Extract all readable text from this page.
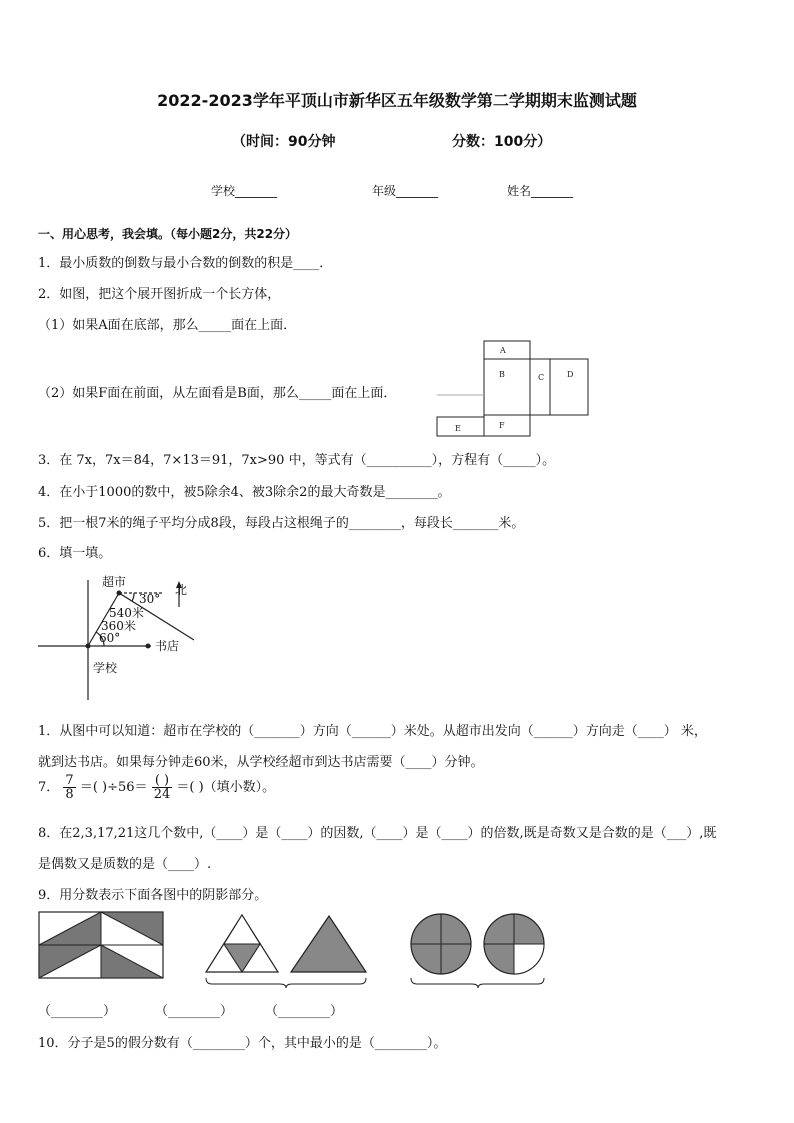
2022-2023学年平顶山市新华区五年级数学第二学期期末监测试题
（时间：90分钟	分数：100分）
学校_______	年级_______	姓名_______
一、用心思考，我会填。（每小题2分，共22分）
1．最小质数的倒数与最小合数的倒数的积是____．
2．如图，把这个展开图折成一个长方体，
（1）如果A面在底部，那么_____面在上面．
（2）如果F面在前面，从左面看是B面，那么_____面在上面．
A
B	C	D
E	F
3．在 7x，7x＝84，7×13＝91，7x>90 中，等式有（__________），方程有（_____）。
4．在小于1000的数中，被5除余4、被3除余2的最大奇数是________。
5．把一根7米的绳子平均分成8段，每段占这根绳子的________，每段长_______米。
6．填一填。
超市
北
30°
540米
360米
60°
书店
学校
1．从图中可以知道：超市在学校的（_______）方向（______）米处。从超市出发向（______）方向走（____） 米，
就到达书店。如果每分钟走60米，从学校经超市到达书店需要（____）分钟。
7． $\frac{7}{8}$ ＝( )$\div 56= \frac{( )}{24}$ ＝( )（填小数）。
8．在2,3,17,21这几个数中,（____）是（____）的因数,（____）是（____）的倍数,既是奇数又是合数的是（___）,既
是偶数又是质数的是（____）.
9．用分数表示下面各图中的阴影部分。
（________）	（________） （________）
10．分子是5的假分数有（________）个，其中最小的是（________）。
